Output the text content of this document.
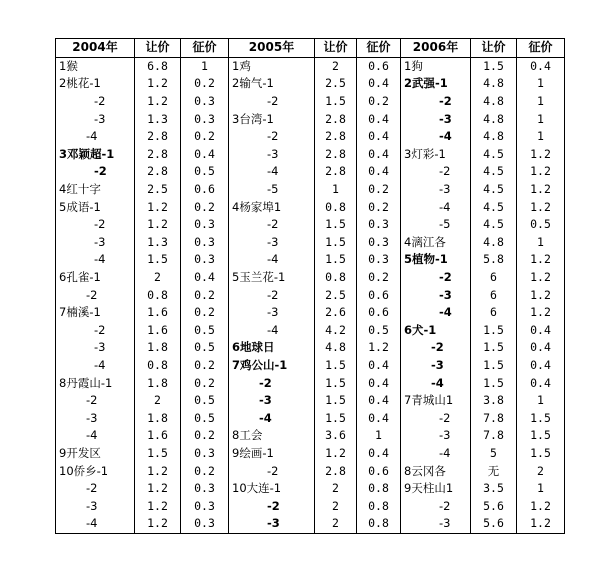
2004年	让价	征价	2005年	让价	征价	2006年	让价	征价
1猴	6.8	1	1鸡	2	0.6	1狗	1.5	0.4
2桃花-1	1.2	0.2	2输气-1	2.5	0.4	2武强-1	4.8	1
-2	1.2	0.3	-2	1.5	0.2	-2	4.8	1
-3	1.3	0.3	3台湾-1	2.8	0.4	-3	4.8	1
-4	2.8	0.2	-2	2.8	0.4	-4	4.8	1
3邓颖超-1	2.8	0.4	-3	2.8	0.4	3灯彩-1	4.5	1.2
-2	2.8	0.5	-4	2.8	0.4	-2	4.5	1.2
4红十字	2.5	0.6	-5	1	0.2	-3	4.5	1.2
5成语-1	1.2	0.2	4杨家埠1	0.8	0.2	-4	4.5	1.2
-2	1.2	0.3	-2	1.5	0.3	-5	4.5	0.5
-3	1.3	0.3	-3	1.5	0.3	4漓江各	4.8	1
-4	1.5	0.3	-4	1.5	0.3	5植物-1	5.8	1.2
6孔雀-1	2	0.4	5玉兰花-1	0.8	0.2	-2	6	1.2
-2	0.8	0.2	-2	2.5	0.6	-3	6	1.2
7楠溪-1	1.6	0.2	-3	2.6	0.6	-4	6	1.2
-2	1.6	0.5	-4	4.2	0.5	6犬-1	1.5	0.4
-3	1.8	0.5	6地球日	4.8	1.2	-2	1.5	0.4
-4	0.8	0.2	7鸡公山-1	1.5	0.4	-3	1.5	0.4
8丹霞山-1	1.8	0.2	-2	1.5	0.4	-4	1.5	0.4
-2	2	0.5	-3	1.5	0.4	7青城山1	3.8	1
-3	1.8	0.5	-4	1.5	0.4	-2	7.8	1.5
-4	1.6	0.2	8工会	3.6	1	-3	7.8	1.5
9开发区	1.5	0.3	9绘画-1	1.2	0.4	-4	5	1.5
10侨乡-1	1.2	0.2	-2	2.8	0.6	8云冈各	无	2
-2	1.2	0.3	10大连-1	2	0.8	9天柱山1	3.5	1
-3	1.2	0.3	-2	2	0.8	-2	5.6	1.2
-4	1.2	0.3	-3	2	0.8	-3	5.6	1.2
